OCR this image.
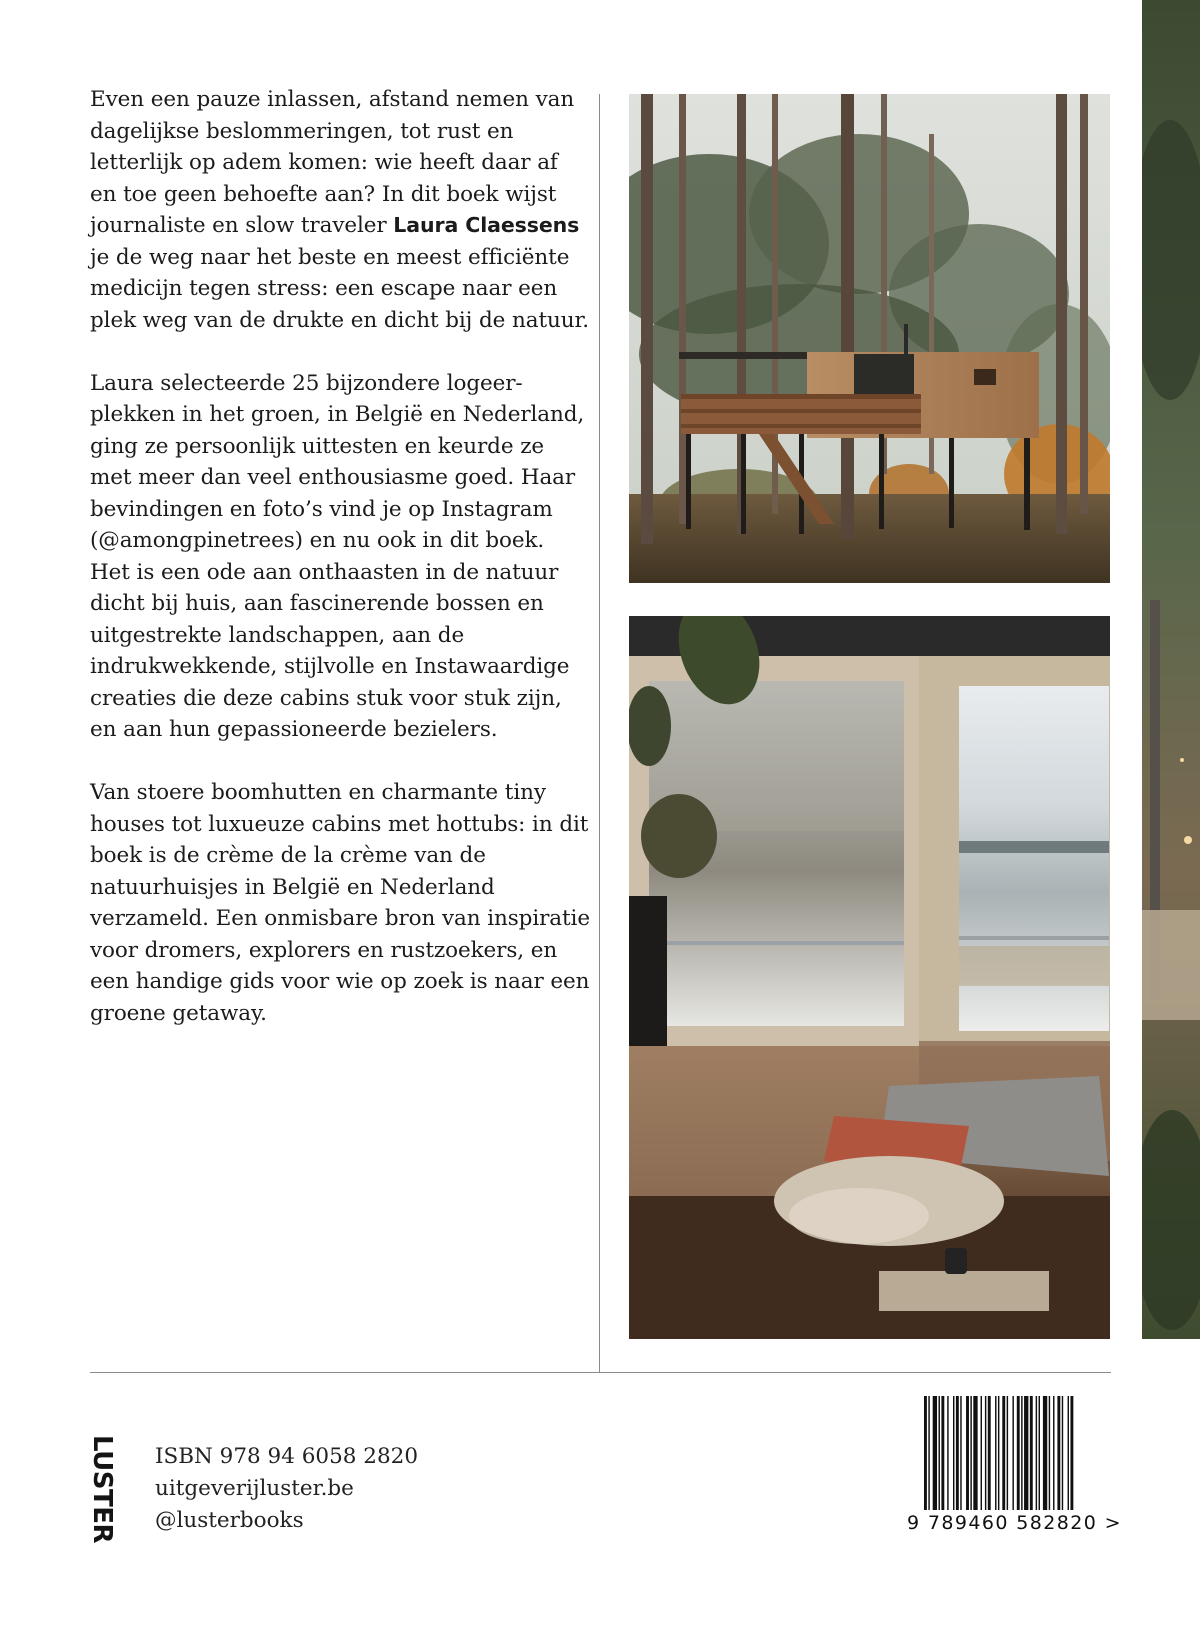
Even een pauze inlassen, afstand nemen van dagelijkse beslommeringen, tot rust en letterlijk op adem komen: wie heeft daar af en toe geen behoefte aan? In dit boek wijst journaliste en slow traveler Laura Claessens je de weg naar het beste en meest efficiënte medicijn tegen stress: een escape naar een plek weg van de drukte en dicht bij de natuur.

Laura selecteerde 25 bijzondere logeerplekken in het groen, in België en Nederland, ging ze persoonlijk uittesten en keurde ze met meer dan veel enthousiasme goed. Haar bevindingen en foto’s vind je op Instagram (@amongpinetrees) en nu ook in dit boek. Het is een ode aan onthaasten in de natuur dicht bij huis, aan fascinerende bossen en uitgestrekte landschappen, aan de indrukwekkende, stijlvolle en Instawaardige creaties die deze cabins stuk voor stuk zijn, en aan hun gepassioneerde bezielers.

Van stoere boomhutten en charmante tiny houses tot luxueuze cabins met hottubs: in dit boek is de crème de la crème van de natuurhuisjes in België en Nederland verzameld. Een onmisbare bron van inspiratie voor dromers, explorers en rustzoekers, en een handige gids voor wie op zoek is naar een groene getaway.

LUSTER ISBN 978 94 6058 2820
uitgeverijluster.be
@lusterbooks	9 789460 582820 >
